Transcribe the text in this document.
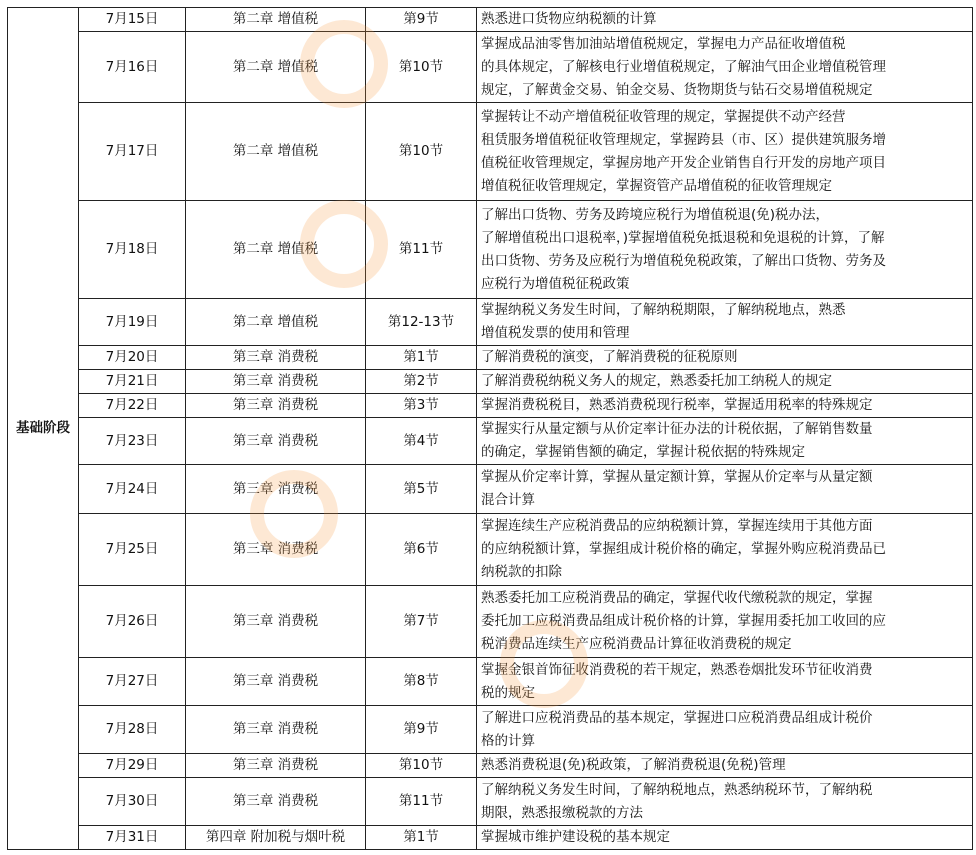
基础阶段	7月15日	第二章 增值税	第9节	熟悉进口货物应纳税额的计算
	7月16日	第二章 增值税	第10节	掌握成品油零售加油站增值税规定，掌握电力产品征收增值税
的具体规定，了解核电行业增值税规定，了解油气田企业增值税管理
规定，了解黄金交易、铂金交易、货物期货与钻石交易增值税规定
	7月17日	第二章 增值税	第10节	掌握转让不动产增值税征收管理的规定，掌握提供不动产经营
租赁服务增值税征收管理规定，掌握跨县（市、区）提供建筑服务增
值税征收管理规定，掌握房地产开发企业销售自行开发的房地产项目
增值税征收管理规定，掌握资管产品增值税的征收管理规定
	7月18日	第二章 增值税	第11节	了解出口货物、劳务及跨境应税行为增值税退(免)税办法，
了解增值税出口退税率，)掌握增值税免抵退税和免退税的计算，了解
出口货物、劳务及应税行为增值税免税政策，了解出口货物、劳务及
应税行为增值税征税政策
	7月19日	第二章 增值税	第12-13节	掌握纳税义务发生时间，了解纳税期限，了解纳税地点，熟悉
增值税发票的使用和管理
	7月20日	第三章 消费税	第1节	了解消费税的演变，了解消费税的征税原则
	7月21日	第三章 消费税	第2节	了解消费税纳税义务人的规定，熟悉委托加工纳税人的规定
	7月22日	第三章 消费税	第3节	掌握消费税税目，熟悉消费税现行税率，掌握适用税率的特殊规定
	7月23日	第三章 消费税	第4节	掌握实行从量定额与从价定率计征办法的计税依据，了解销售数量
的确定，掌握销售额的确定，掌握计税依据的特殊规定
	7月24日	第三章 消费税	第5节	掌握从价定率计算，掌握从量定额计算，掌握从价定率与从量定额
混合计算
	7月25日	第三章 消费税	第6节	掌握连续生产应税消费品的应纳税额计算，掌握连续用于其他方面
的应纳税额计算，掌握组成计税价格的确定，掌握外购应税消费品已
纳税款的扣除
	7月26日	第三章 消费税	第7节	熟悉委托加工应税消费品的确定，掌握代收代缴税款的规定，掌握
委托加工应税消费品组成计税价格的计算，掌握用委托加工收回的应
税消费品连续生产应税消费品计算征收消费税的规定
	7月27日	第三章 消费税	第8节	掌握金银首饰征收消费税的若干规定，熟悉卷烟批发环节征收消费
税的规定
	7月28日	第三章 消费税	第9节	了解进口应税消费品的基本规定，掌握进口应税消费品组成计税价
格的计算
	7月29日	第三章 消费税	第10节	熟悉消费税退(免)税政策，了解消费税退(免税)管理
	7月30日	第三章 消费税	第11节	了解纳税义务发生时间，了解纳税地点，熟悉纳税环节，了解纳税
期限，熟悉报缴税款的方法
	7月31日	第四章 附加税与烟叶税	第1节	掌握城市维护建设税的基本规定
